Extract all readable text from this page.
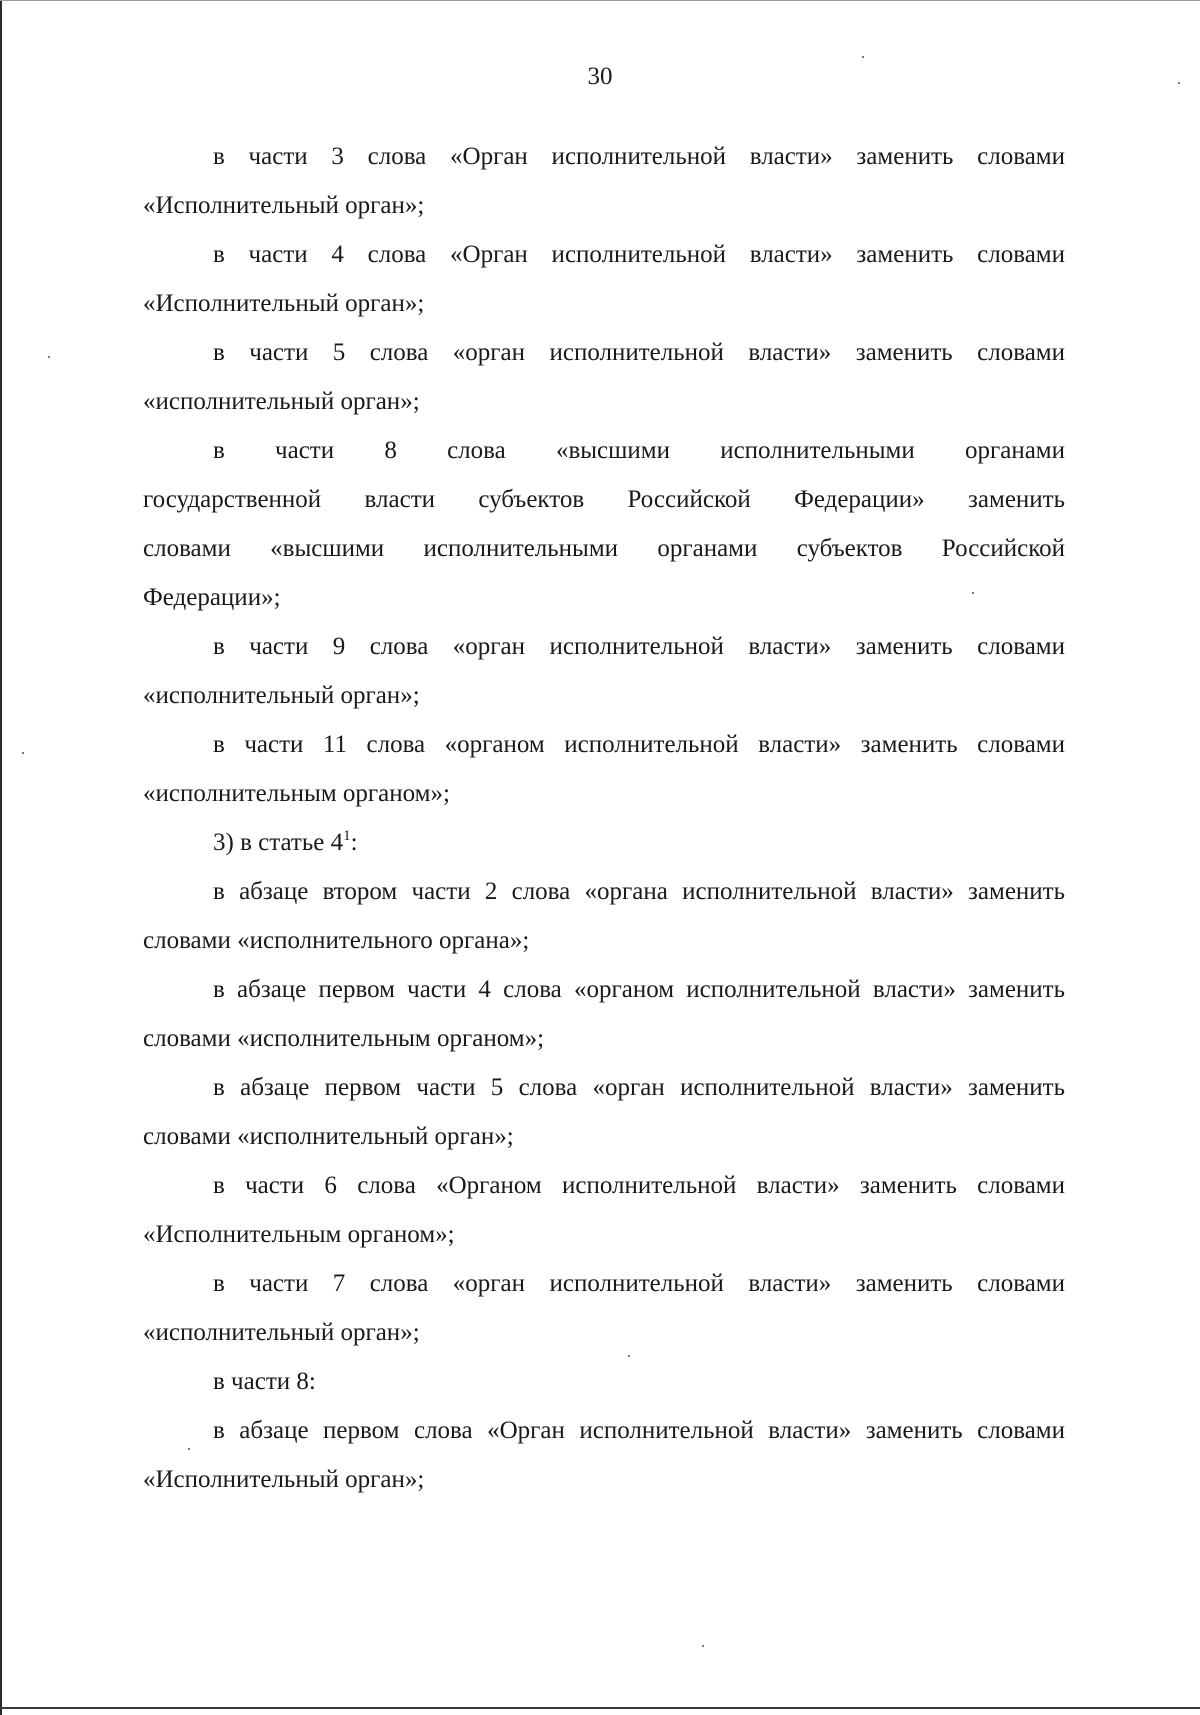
30

в части 3 слова «Орган исполнительной власти» заменить словами «Исполнительный орган»;

в части 4 слова «Орган исполнительной власти» заменить словами «Исполнительный орган»;

в части 5 слова «орган исполнительной власти» заменить словами «исполнительный орган»;

в части 8 слова «высшими исполнительными органами государственной власти субъектов Российской Федерации» заменить словами «высшими исполнительными органами субъектов Российской Федерации»;

в части 9 слова «орган исполнительной власти» заменить словами «исполнительный орган»;

в части 11 слова «органом исполнительной власти» заменить словами «исполнительным органом»;

3) в статье $4^1$:

в абзаце втором части 2 слова «органа исполнительной власти» заменить словами «исполнительного органа»;

в абзаце первом части 4 слова «органом исполнительной власти» заменить словами «исполнительным органом»;

в абзаце первом части 5 слова «орган исполнительной власти» заменить словами «исполнительный орган»;

в части 6 слова «Органом исполнительной власти» заменить словами «Исполнительным органом»;

в части 7 слова «орган исполнительной власти» заменить словами «исполнительный орган»;

в части 8:

в абзаце первом слова «Орган исполнительной власти» заменить словами «Исполнительный орган»;
